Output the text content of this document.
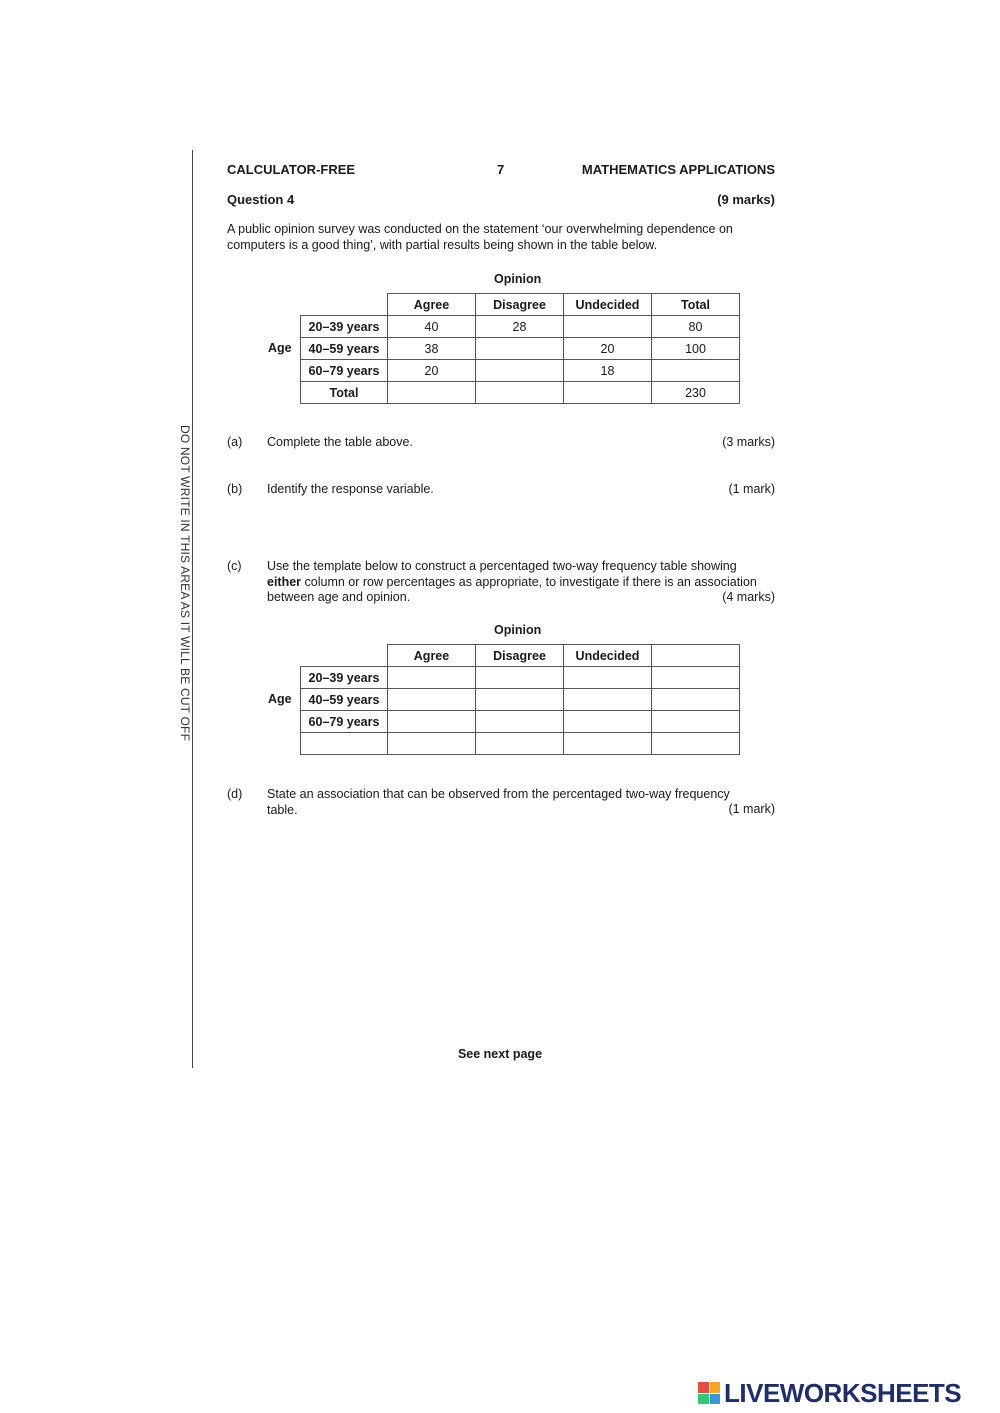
DO NOT WRITE IN THIS AREA AS IT WILL BE CUT OFF
CALCULATOR-FREE	7	MATHEMATICS APPLICATIONS
Question 4	(9 marks)
A public opinion survey was conducted on the statement ‘our overwhelming dependence on
computers is a good thing’, with partial results being shown in the table below.
Opinion
Age
	Agree	Disagree	Undecided	Total
20–39 years	40	28		80
40–59 years	38		20	100
60–79 years	20		18	
Total				230
(a) Complete the table above.	(3 marks)
(b) Identify the response variable.	(1 mark)
(c) Use the template below to construct a percentaged two-way frequency table showing
either column or row percentages as appropriate, to investigate if there is an association
between age and opinion.	(4 marks)
Opinion
Age
	Agree	Disagree	Undecided	
20–39 years				
40–59 years				
60–79 years				

(d) State an association that can be observed from the percentaged two-way frequency
table.	(1 mark)
See next page
LIVEWORKSHEETS
